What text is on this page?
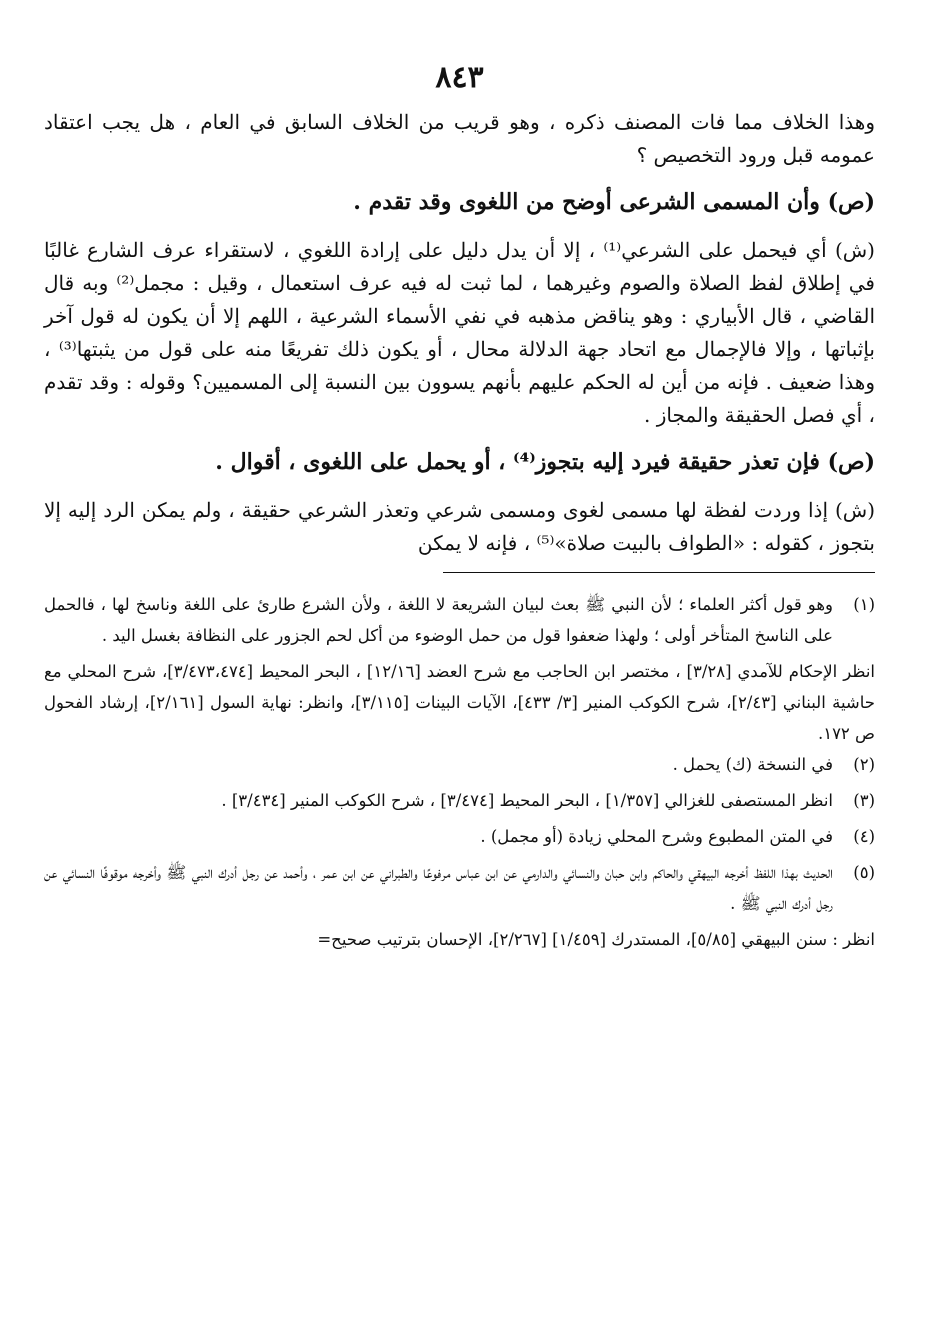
٨٤٣

وهذا الخلاف مما فات المصنف ذكره ، وهو قريب من الخلاف السابق في العام ، هل يجب اعتقاد عمومه قبل ورود التخصيص ؟

(ص) وأن المسمى الشرعى أوضح من اللغوى وقد تقدم .

(ش) أي فيحمل على الشرعي⁽¹⁾ ، إلا أن يدل دليل على إرادة اللغوي ، لاستقراء عرف الشارع غالبًا في إطلاق لفظ الصلاة والصوم وغيرهما ، لما ثبت له فيه عرف استعمال ، وقيل : مجمل⁽²⁾ وبه قال القاضي ، قال الأبياري : وهو يناقض مذهبه في نفي الأسماء الشرعية ، اللهم إلا أن يكون له قول آخر بإثباتها ، وإلا فالإجمال مع اتحاد جهة الدلالة محال ، أو يكون ذلك تفريعًا منه على قول من يثبتها⁽³⁾ ، وهذا ضعيف . فإنه من أين له الحكم عليهم بأنهم يسوون بين النسبة إلى المسميين؟ وقوله : وقد تقدم ، أي فصل الحقيقة والمجاز .

(ص) فإن تعذر حقيقة فيرد إليه بتجوز⁽⁴⁾ ، أو يحمل على اللغوى ، أقوال .

(ش) إذا وردت لفظة لها مسمى لغوى ومسمى شرعي وتعذر الشرعي حقيقة ، ولم يمكن الرد إليه إلا بتجوز ، كقوله : «الطواف بالبيت صلاة»⁽⁵⁾ ، فإنه لا يمكن

(١)

وهو قول أكثر العلماء ؛ لأن النبي ﷺ بعث لبيان الشريعة لا اللغة ، ولأن الشرع طارئ على اللغة وناسخ لها ، فالحمل على الناسخ المتأخر أولى ؛ ولهذا ضعفوا قول من حمل الوضوء من أكل لحم الجزور على النظافة بغسل اليد .

انظر الإحكام للآمدي [٣/٢٨] ، مختصر ابن الحاجب مع شرح العضد [١٢/١٦] ، البحر المحيط [٣/٤٧٣،٤٧٤]، شرح المحلي مع حاشية البناني [٢/٤٣]، شرح الكوكب المنير [٣/ ٤٣٣]، الآيات البينات [٣/١١٥]، وانظر: نهاية السول [٢/١٦١]، إرشاد الفحول ص ١٧٢.

(٢)

في النسخة (ك) يحمل .

(٣)

انظر المستصفى للغزالي [١/٣٥٧] ، البحر المحيط [٣/٤٧٤] ، شرح الكوكب المنير [٣/٤٣٤] .

(٤)

في المتن المطبوع وشرح المحلي زيادة (أو مجمل) .

(٥)

الحديث بهذا اللفظ أخرجه البيهقي والحاكم وابن حبان والنسائي والدارمي عن ابن عباس مرفوعًا والطبراني عن ابن عمر ، وأحمد عن رجل أدرك النبي ﷺ وأخرجه موقوفًا النسائي عن رجل أدرك النبي ﷺ .

انظر : سنن البيهقي [٥/٨٥]، المستدرك [١/٤٥٩] [٢/٢٦٧]، الإحسان بترتيب صحيح=
